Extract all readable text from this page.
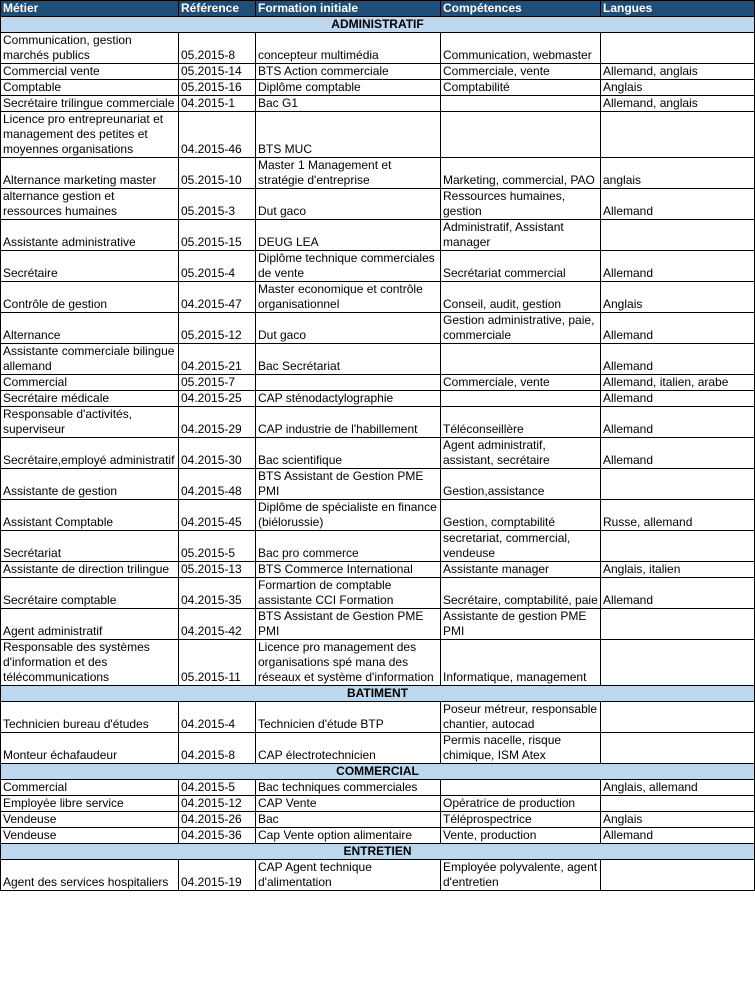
Métier	Référence	Formation initiale	Compétences	Langues
ADMINISTRATIF				
Communication, gestion marchés publics	05.2015-8	concepteur multimédia	Communication, webmaster	
Commercial vente	05.2015-14	BTS Action commerciale	Commerciale, vente	Allemand, anglais
Comptable	05.2015-16	Diplôme comptable	Comptabilité	Anglais
Secrétaire trilingue commerciale	04.2015-1	Bac G1		Allemand, anglais
Licence pro entrepreunariat et management des petites et moyennes organisations	04.2015-46	BTS MUC		
Alternance marketing master	05.2015-10	Master 1 Management et stratégie d'entreprise	Marketing, commercial, PAO	anglais
alternance gestion et ressources humaines	05.2015-3	Dut gaco	Ressources humaines, gestion	Allemand
Assistante administrative	05.2015-15	DEUG LEA	Administratif, Assistant manager	
Secrétaire	05.2015-4	Diplôme technique commerciales de vente	Secrétariat commercial	Allemand
Contrôle de gestion	04.2015-47	Master economique et contrôle organisationnel	Conseil, audit, gestion	Anglais
Alternance	05.2015-12	Dut gaco	Gestion administrative, paie, commerciale	Allemand
Assistante commerciale bilingue allemand	04.2015-21	Bac Secrétariat		Allemand
Commercial	05.2015-7		Commerciale, vente	Allemand, italien, arabe
Secrétaire médicale	04.2015-25	CAP sténodactylographie		Allemand
Responsable d'activités, superviseur	04.2015-29	CAP industrie de l'habillement	Téléconseillère	Allemand
Secrétaire,employé administratif	04.2015-30	Bac scientifique	Agent administratif, assistant, secrétaire	Allemand
Assistante de gestion	04.2015-48	BTS Assistant de Gestion PME PMI	Gestion,assistance	
Assistant Comptable	04.2015-45	Diplôme de spécialiste en finance (biélorussie)	Gestion, comptabilité	Russe, allemand
Secrétariat	05.2015-5	Bac pro commerce	secretariat, commercial, vendeuse	
Assistante de direction trilingue	05.2015-13	BTS Commerce International	Assistante manager	Anglais, italien
Secrétaire comptable	04.2015-35	Formartion de comptable assistante CCI Formation	Secrétaire, comptabilité, paie	Allemand
Agent administratif	04.2015-42	BTS Assistant de Gestion PME PMI	Assistante de gestion PME PMI	
Responsable des systèmes d'information et des télécommunications	05.2015-11	Licence pro management des organisations spé mana des réseaux et système d'information	Informatique, management	
BATIMENT				
Technicien bureau d'études	04.2015-4	Technicien d'étude BTP	Poseur métreur, responsable chantier, autocad	
Monteur échafaudeur	04.2015-8	CAP électrotechnicien	Permis nacelle, risque chimique, ISM Atex	
COMMERCIAL				
Commercial	04.2015-5	Bac techniques commerciales		Anglais, allemand
Employée libre service	04.2015-12	CAP Vente	Opératrice de production	
Vendeuse	04.2015-26	Bac	Téléprospectrice	Anglais
Vendeuse	04.2015-36	Cap Vente option alimentaire	Vente, production	Allemand
ENTRETIEN				
Agent des services hospitaliers	04.2015-19	CAP Agent technique d'alimentation	Employée polyvalente, agent d'entretien	
